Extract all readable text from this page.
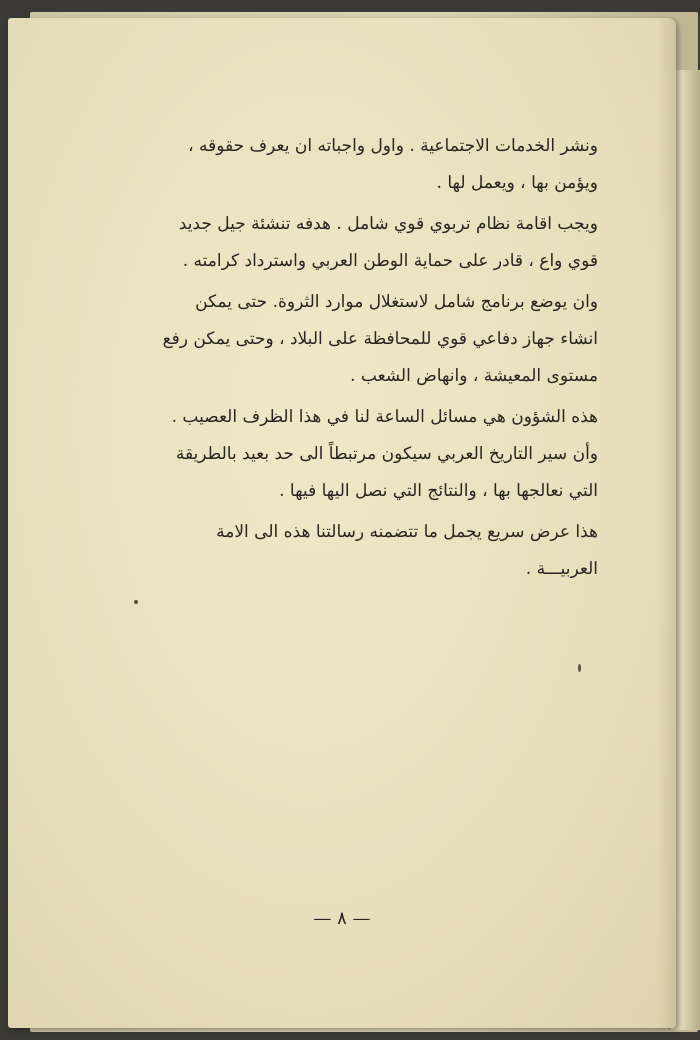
ونشر الخدمات الاجتماعية . واول واجباته ان يعرف حقوقه ،
ويؤمن بها ، ويعمل لها .
ويجب اقامة نظام تربوي قوي شامل . هدفه تنشئة جيل جديد
قوي واع ، قادر على حماية الوطن العربي واسترداد كرامته .
وان يوضع برنامج شامل لاستغلال موارد الثروة. حتى يمكن
انشاء جهاز دفاعي قوي للمحافظة على البلاد ، وحتى يمكن رفع
مستوى المعيشة ، وانهاض الشعب .
هذه الشؤون هي مسائل الساعة لنا في هذا الظرف العصيب .
وأن سير التاريخ العربي سيكون مرتبطاً الى حد بعيد بالطريقة
التي نعالجها بها ، والنتائج التي نصل اليها فيها .
هذا عرض سريع يجمل ما تتضمنه رسالتنا هذه الى الامة
العربيـــة .
— ٨ —
